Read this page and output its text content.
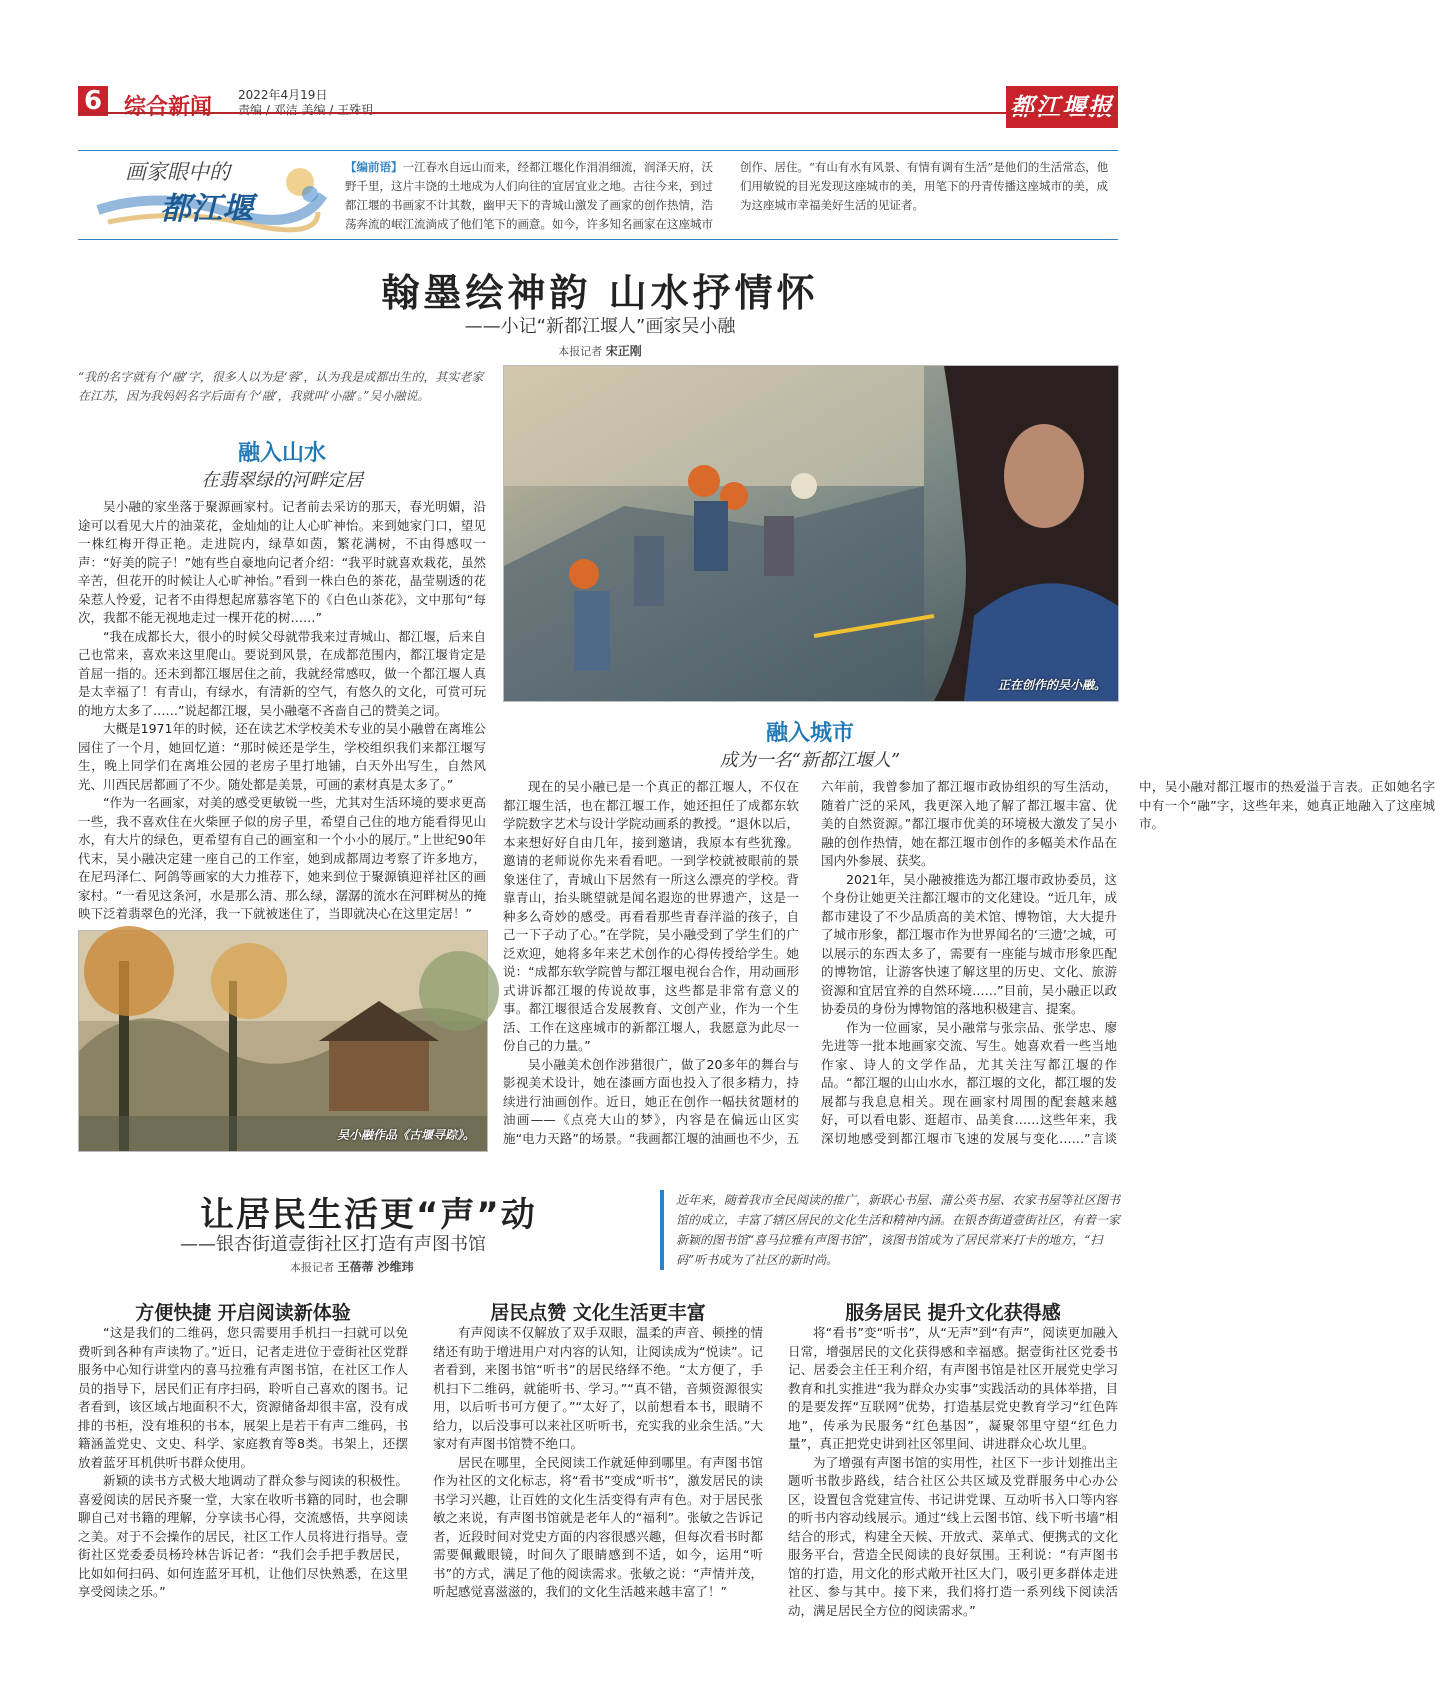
6 综合新闻 2022年4月19日
责编 / 邓洁 美编 / 王殊玥	都江堰报
画家眼中的
都江堰
【编前语】一江春水自远山而来，经都江堰化作涓涓细流，润泽天府，沃野千里，这片丰饶的土地成为人们向往的宜居宜业之地。古往今来，到过都江堰的书画家不计其数，幽甲天下的青城山激发了画家的创作热情，浩荡奔流的岷江流淌成了他们笔下的画意。如今，许多知名画家在这座城市创作、居住。“有山有水有风景、有情有调有生活”是他们的生活常态，他们用敏锐的目光发现这座城市的美，用笔下的丹青传播这座城市的美，成为这座城市幸福美好生活的见证者。
翰墨绘神韵 山水抒情怀
——小记“新都江堰人”画家吴小融
本报记者 宋正刚
“我的名字就有个‘融’字，很多人以为是‘蓉’，认为我是成都出生的，其实老家在江苏，因为我妈妈名字后面有个‘融’，我就叫‘小融’。”吴小融说。
融入山水
在翡翠绿的河畔定居

吴小融的家坐落于聚源画家村。记者前去采访的那天，春光明媚，沿途可以看见大片的油菜花，金灿灿的让人心旷神怡。来到她家门口，望见一株红梅开得正艳。走进院内，绿草如茵，繁花满树，不由得感叹一声：“好美的院子！”她有些自豪地向记者介绍：“我平时就喜欢栽花，虽然辛苦，但花开的时候让人心旷神怡。”看到一株白色的茶花，晶莹剔透的花朵惹人怜爱，记者不由得想起席慕容笔下的《白色山茶花》，文中那句“每次，我都不能无视地走过一棵开花的树……”

“我在成都长大，很小的时候父母就带我来过青城山、都江堰，后来自己也常来，喜欢来这里爬山。要说到风景，在成都范围内，都江堰肯定是首屈一指的。还未到都江堰居住之前，我就经常感叹，做一个都江堰人真是太幸福了！有青山，有绿水，有清新的空气，有悠久的文化，可赏可玩的地方太多了……”说起都江堰，吴小融毫不吝啬自己的赞美之词。

大概是1971年的时候，还在读艺术学校美术专业的吴小融曾在离堆公园住了一个月，她回忆道：“那时候还是学生，学校组织我们来都江堰写生，晚上同学们在离堆公园的老房子里打地铺，白天外出写生，自然风光、川西民居都画了不少。随处都是美景，可画的素材真是太多了。”

“作为一名画家，对美的感受更敏锐一些，尤其对生活环境的要求更高一些，我不喜欢住在火柴匣子似的房子里，希望自己住的地方能看得见山水，有大片的绿色，更希望有自己的画室和一个小小的展厅。”上世纪90年代末，吴小融决定建一座自己的工作室，她到成都周边考察了许多地方，在尼玛泽仁、阿鸽等画家的大力推荐下，她来到位于聚源镇迎祥社区的画家村。“一看见这条河，水是那么清、那么绿，潺潺的流水在河畔树丛的掩映下泛着翡翠色的光泽，我一下就被迷住了，当即就决心在这里定居！”

正在创作的吴小融。
吴小融作品《古堰寻踪》。
融入城市
成为一名“新都江堰人”

现在的吴小融已是一个真正的都江堰人，不仅在都江堰生活，也在都江堰工作，她还担任了成都东软学院数字艺术与设计学院动画系的教授。“退休以后，本来想好好自由几年，接到邀请，我原本有些犹豫。邀请的老师说你先来看看吧。一到学校就被眼前的景象迷住了，青城山下居然有一所这么漂亮的学校。背靠青山，抬头眺望就是闻名遐迩的世界遗产，这是一种多么奇妙的感受。再看看那些青春洋溢的孩子，自己一下子动了心。”在学院，吴小融受到了学生们的广泛欢迎，她将多年来艺术创作的心得传授给学生。她说：“成都东软学院曾与都江堰电视台合作，用动画形式讲诉都江堰的传说故事，这些都是非常有意义的事。都江堰很适合发展教育、文创产业，作为一个生活、工作在这座城市的新都江堰人，我愿意为此尽一份自己的力量。”

吴小融美术创作涉猎很广，做了20多年的舞台与影视美术设计，她在漆画方面也投入了很多精力，持续进行油画创作。近日，她正在创作一幅扶贫题材的油画——《点亮大山的梦》，内容是在偏远山区实施“电力天路”的场景。“我画都江堰的油画也不少，五六年前，我曾参加了都江堰市政协组织的写生活动，随着广泛的采风，我更深入地了解了都江堰丰富、优美的自然资源。”都江堰市优美的环境极大激发了吴小融的创作热情，她在都江堰市创作的多幅美术作品在国内外参展、获奖。

2021年，吴小融被推选为都江堰市政协委员，这个身份让她更关注都江堰市的文化建设。“近几年，成都市建设了不少品质高的美术馆、博物馆，大大提升了城市形象，都江堰市作为世界闻名的‘三遗’之城，可以展示的东西太多了，需要有一座能与城市形象匹配的博物馆，让游客快速了解这里的历史、文化、旅游资源和宜居宜养的自然环境……”目前，吴小融正以政协委员的身份为博物馆的落地积极建言、提案。

作为一位画家，吴小融常与张宗品、张学忠、廖先进等一批本地画家交流、写生。她喜欢看一些当地作家、诗人的文学作品，尤其关注写都江堰的作品。“都江堰的山山水水，都江堰的文化，都江堰的发展都与我息息相关。现在画家村周围的配套越来越好，可以看电影、逛超市、品美食……这些年来，我深切地感受到都江堰市飞速的发展与变化……”言谈中，吴小融对都江堰市的热爱溢于言表。正如她名字中有一个“融”字，这些年来，她真正地融入了这座城市。

让居民生活更“声”动
——银杏街道壹街社区打造有声图书馆
本报记者 王蓓蒂 沙维玮
近年来，随着我市全民阅读的推广，新联心书屋、蒲公英书屋、农家书屋等社区图书馆的成立，丰富了辖区居民的文化生活和精神内涵。在银杏街道壹街社区，有着一家新颖的图书馆“喜马拉雅有声图书馆”，该图书馆成为了居民常来打卡的地方，“扫码”听书成为了社区的新时尚。
方便快捷 开启阅读新体验

“这是我们的二维码，您只需要用手机扫一扫就可以免费听到各种有声读物了。”近日，记者走进位于壹街社区党群服务中心知行讲堂内的喜马拉雅有声图书馆，在社区工作人员的指导下，居民们正有序扫码，聆听自己喜欢的图书。记者看到，该区域占地面积不大，资源储备却很丰富，没有成排的书柜，没有堆积的书本，展架上是若干有声二维码，书籍涵盖党史、文史、科学、家庭教育等8类。书架上，还摆放着蓝牙耳机供听书群众使用。

新颖的读书方式极大地调动了群众参与阅读的积极性。喜爱阅读的居民齐聚一堂，大家在收听书籍的同时，也会聊聊自己对书籍的理解，分享读书心得，交流感悟，共享阅读之美。对于不会操作的居民，社区工作人员将进行指导。壹街社区党委委员杨玲林告诉记者：“我们会手把手教居民，比如如何扫码、如何连蓝牙耳机，让他们尽快熟悉，在这里享受阅读之乐。”

居民点赞 文化生活更丰富

有声阅读不仅解放了双手双眼，温柔的声音、顿挫的情绪还有助于增进用户对内容的认知，让阅读成为“悦读”。记者看到，来图书馆“听书”的居民络绎不绝。“太方便了，手机扫下二维码，就能听书、学习。”“真不错，音频资源很实用，以后听书可方便了。”“太好了，以前想看本书，眼睛不给力，以后没事可以来社区听听书，充实我的业余生活。”大家对有声图书馆赞不绝口。

居民在哪里，全民阅读工作就延伸到哪里。有声图书馆作为社区的文化标志，将“看书”变成“听书”，激发居民的读书学习兴趣，让百姓的文化生活变得有声有色。对于居民张敏之来说，有声图书馆就是老年人的“福利”。张敏之告诉记者，近段时间对党史方面的内容很感兴趣，但每次看书时都需要佩戴眼镜，时间久了眼睛感到不适，如今，运用“听书”的方式，满足了他的阅读需求。张敏之说：“声情并茂，听起感觉喜滋滋的，我们的文化生活越来越丰富了！”

服务居民 提升文化获得感

将“看书”变“听书”，从“无声”到“有声”，阅读更加融入日常，增强居民的文化获得感和幸福感。据壹街社区党委书记、居委会主任王利介绍，有声图书馆是社区开展党史学习教育和扎实推进“我为群众办实事”实践活动的具体举措，目的是要发挥“互联网”优势，打造基层党史教育学习“红色阵地”，传承为民服务“红色基因”，凝聚邻里守望“红色力量”，真正把党史讲到社区邻里间、讲进群众心坎儿里。

为了增强有声图书馆的实用性，社区下一步计划推出主题听书散步路线，结合社区公共区域及党群服务中心办公区，设置包含党建宣传、书记讲党课、互动听书入口等内容的听书内容动线展示。通过“线上云图书馆、线下听书墙”相结合的形式，构建全天候、开放式、菜单式、便携式的文化服务平台，营造全民阅读的良好氛围。王利说：“有声图书馆的打造，用文化的形式敞开社区大门，吸引更多群体走进社区、参与其中。接下来，我们将打造一系列线下阅读活动，满足居民全方位的阅读需求。”
